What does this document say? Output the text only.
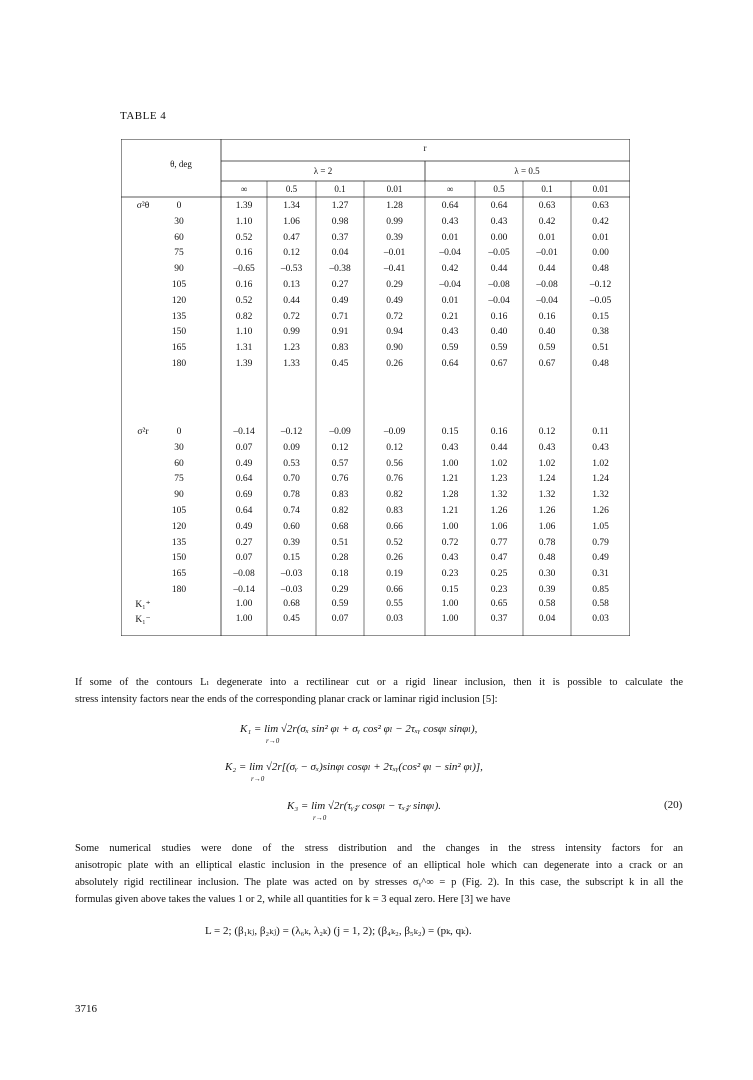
TABLE 4
r
θ, deg
λ = 2	λ = 0.5
∞	0.5	0.1	0.01	∞	0.5	0.1	0.01
σ²θ	0	1.39	1.34	1.27	1.28	0.64	0.64	0.63	0.63
30	1.10	1.06	0.98	0.99	0.43	0.43	0.42	0.42
60	0.52	0.47	0.37	0.39	0.01	0.00	0.01	0.01
75	0.16	0.12	0.04	–0.01	–0.04	–0.05	–0.01	0.00
90	–0.65	–0.53	–0.38	–0.41	0.42	0.44	0.44	0.48
105	0.16	0.13	0.27	0.29	–0.04	–0.08	–0.08	–0.12
120	0.52	0.44	0.49	0.49	0.01	–0.04	–0.04	–0.05
135	0.82	0.72	0.71	0.72	0.21	0.16	0.16	0.15
150	1.10	0.99	0.91	0.94	0.43	0.40	0.40	0.38
165	1.31	1.23	0.83	0.90	0.59	0.59	0.59	0.51
180	1.39	1.33	0.45	0.26	0.64	0.67	0.67	0.48
σ²r	0	–0.14	–0.12	–0.09	–0.09	0.15	0.16	0.12	0.11
30	0.07	0.09	0.12	0.12	0.43	0.44	0.43	0.43
60	0.49	0.53	0.57	0.56	1.00	1.02	1.02	1.02
75	0.64	0.70	0.76	0.76	1.21	1.23	1.24	1.24
90	0.69	0.78	0.83	0.82	1.28	1.32	1.32	1.32
105	0.64	0.74	0.82	0.83	1.21	1.26	1.26	1.26
120	0.49	0.60	0.68	0.66	1.00	1.06	1.06	1.05
135	0.27	0.39	0.51	0.52	0.72	0.77	0.78	0.79
150	0.07	0.15	0.28	0.26	0.43	0.47	0.48	0.49
165	–0.08	–0.03	0.18	0.19	0.23	0.25	0.30	0.31
180	–0.14	–0.03	0.29	0.66	0.15	0.23	0.39	0.85
K₁⁺	1.00	0.68	0.59	0.55	1.00	0.65	0.58	0.58
K₁⁻	1.00	0.45	0.07	0.03	1.00	0.37	0.04	0.03
If some of the contours Lₗ degenerate into a rectilinear cut or a rigid linear inclusion, then it is possible to calculate the
stress intensity factors near the ends of the corresponding planar crack or laminar rigid inclusion [5]:
K₁ = lim √2r(σₓ sin² φₗ + σᵧ cos² φₗ − 2τₓᵧ cosφₗ sinφₗ),
r→0
K₂ = lim √2r[(σᵧ − σₓ)sinφₗ cosφₗ + 2τₓᵧ(cos² φₗ − sin² φₗ)],
r→0
K₃ = lim √2r(τᵧ𝓏 cosφₗ − τₓ𝓏 sinφₗ).
r→0
(20)
Some numerical studies were done of the stress distribution and the changes in the stress intensity factors for an
anisotropic plate with an elliptical elastic inclusion in the presence of an elliptical hole which can degenerate into a crack or an
absolutely rigid rectilinear inclusion. The plate was acted on by stresses σᵧ^∞ = p (Fig. 2). In this case, the subscript k in all the
formulas given above takes the values 1 or 2, while all quantities for k = 3 equal zero. Here [3] we have
L = 2; (β₁ₖⱼ, β₂ₖⱼ) = (λ₆ₖ, λ₂ₖ) (j = 1, 2); (β₄ₖ₂, β₅ₖ₂) = (pₖ, qₖ).
3716
